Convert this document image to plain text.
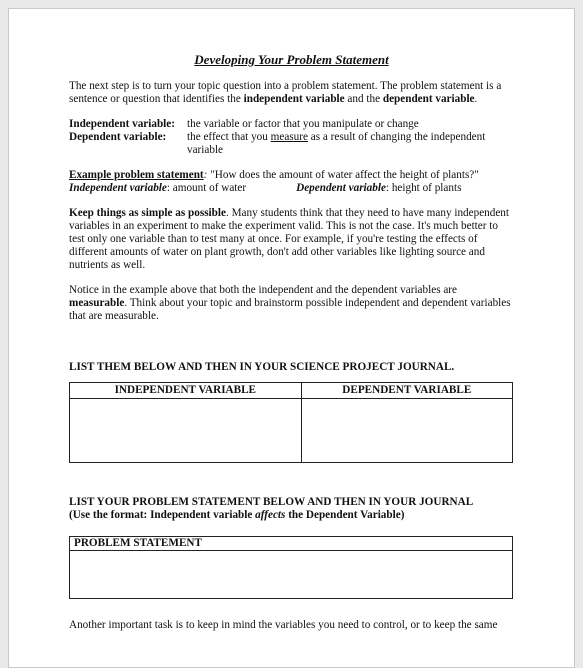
Developing Your Problem Statement

The next step is to turn your topic question into a problem statement. The problem statement is a sentence or question that identifies the independent variable and the dependent variable.

Independent variable:	the variable or factor that you manipulate or change
Dependent variable:	the effect that you measure as a result of changing the independent variable

Example problem statement: "How does the amount of water affect the height of plants?"

Independent variable: amount of water	Dependent variable: height of plants

Keep things as simple as possible. Many students think that they need to have many independent variables in an experiment to make the experiment valid. This is not the case. It's much better to test only one variable than to test many at once. For example, if you're testing the effects of different amounts of water on plant growth, don't add other variables like lighting source and nutrients as well.

Notice in the example above that both the independent and the dependent variables are measurable. Think about your topic and brainstorm possible independent and dependent variables that are measurable.

LIST THEM BELOW AND THEN IN YOUR SCIENCE PROJECT JOURNAL.

INDEPENDENT VARIABLE	DEPENDENT VARIABLE

LIST YOUR PROBLEM STATEMENT BELOW AND THEN IN YOUR JOURNAL

(Use the format: Independent variable affects the Dependent Variable)

PROBLEM STATEMENT

Another important task is to keep in mind the variables you need to control, or to keep the same
